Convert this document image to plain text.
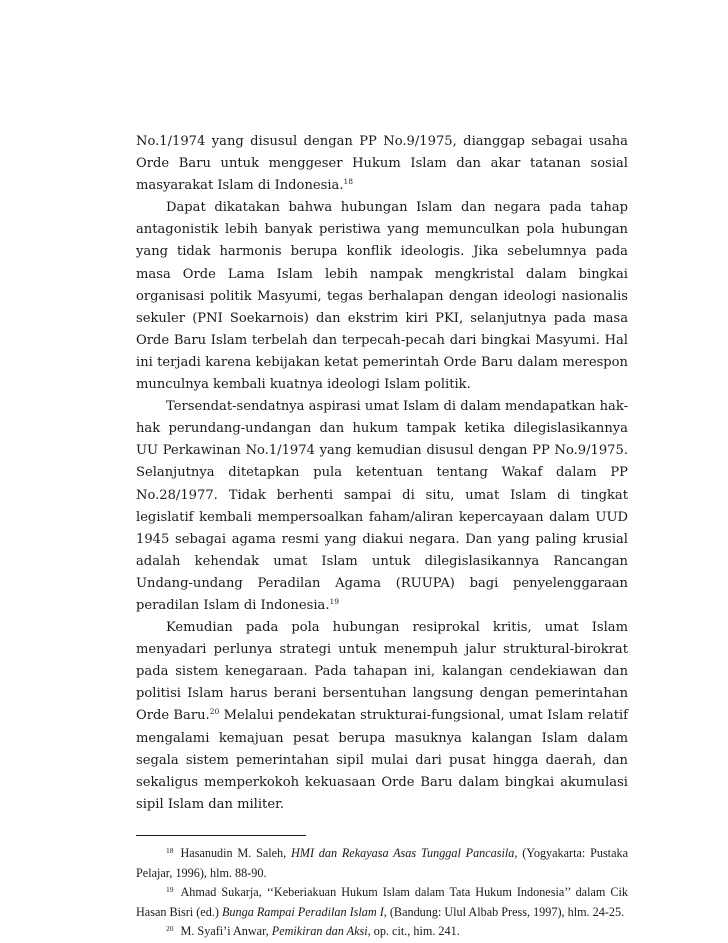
No.1/1974 yang disusul dengan PP No.9/1975, dianggap sebagai usaha Orde Baru untuk menggeser Hukum Islam dan akar tatanan sosial masyarakat Islam di Indonesia.$^{18}$

Dapat dikatakan bahwa hubungan Islam dan negara pada tahap antagonistik lebih banyak peristiwa yang memunculkan pola hubungan yang tidak harmonis berupa konflik ideologis. Jika sebelumnya pada masa Orde Lama Islam lebih nampak mengkristal dalam bingkai organisasi politik Masyumi, tegas berhalapan dengan ideologi nasionalis sekuler (PNI Soekarnois) dan ekstrim kiri PKI, selanjutnya pada masa Orde Baru Islam terbelah dan terpecah-pecah dari bingkai Masyumi. Hal ini terjadi karena kebijakan ketat pemerintah Orde Baru dalam merespon munculnya kembali kuatnya ideologi Islam politik.

Tersendat-sendatnya aspirasi umat Islam di dalam mendapatkan hak-hak perundang-undangan dan hukum tampak ketika dilegislasikannya UU Perkawinan No.1/1974 yang kemudian disusul dengan PP No.9/1975. Selanjutnya ditetapkan pula ketentuan tentang Wakaf dalam PP No.28/1977. Tidak berhenti sampai di situ, umat Islam di tingkat legislatif kembali mempersoalkan faham/aliran kepercayaan dalam UUD 1945 sebagai agama resmi yang diakui negara. Dan yang paling krusial adalah kehendak umat Islam untuk dilegislasikannya Rancangan Undang-undang Peradilan Agama (RUUPA) bagi penyelenggaraan peradilan Islam di Indonesia.$^{19}$

Kemudian pada pola hubungan resiprokal kritis, umat Islam menyadari perlunya strategi untuk menempuh jalur struktural-birokrat pada sistem kenegaraan. Pada tahapan ini, kalangan cendekiawan dan politisi Islam harus berani bersentuhan langsung dengan pemerintahan Orde Baru.$^{20}$ Melalui pendekatan strukturai-fungsional, umat Islam relatif mengalami kemajuan pesat berupa masuknya kalangan Islam dalam segala sistem pemerintahan sipil mulai dari pusat hingga daerah, dan sekaligus memperkokoh kekuasaan Orde Baru dalam bingkai akumulasi sipil Islam dan militer.

$^{18}$ Hasanudin M. Saleh, HMI dan Rekayasa Asas Tunggal Pancasila, (Yogyakarta: Pustaka Pelajar, 1996), hlm. 88-90.

$^{19}$ Ahmad Sukarja, ‘‘Keberiakuan Hukum Islam dalam Tata Hukum Indonesia’’ dalam Cik Hasan Bisri (ed.) Bunga Rampai Peradilan Islam I, (Bandung: Ulul Albab Press, 1997), hlm. 24-25.

$^{20}$ M. Syafi’i Anwar, Pemikiran dan Aksi, op. cit., him. 241.
